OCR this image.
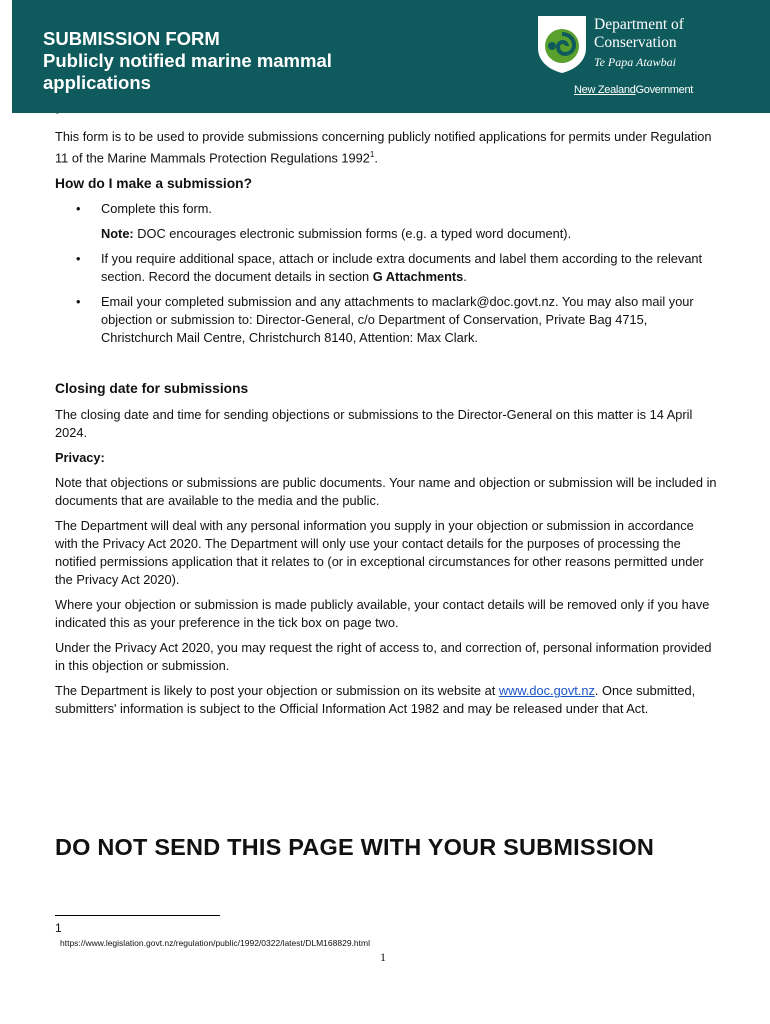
SUBMISSION FORM
Publicly notified marine mammal applications
Department of
Conservation
Te Papa Atawbai
New ZealandGovernment
-

This form is to be used to provide submissions concerning publicly notified applications for permits under Regulation 11 of the Marine Mammals Protection Regulations 1992$^1$.

How do I make a submission?
• Complete this form.
Note: DOC encourages electronic submission forms (e.g. a typed word document).
• If you require additional space, attach or include extra documents and label them according to the relevant section. Record the document details in section G Attachments.
• Email your completed submission and any attachments to maclark@doc.govt.nz. You may also mail your objection or submission to: Director-General, c/o Department of Conservation, Private Bag 4715, Christchurch Mail Centre, Christchurch 8140, Attention: Max Clark.
Closing date for submissions

The closing date and time for sending objections or submissions to the Director-General on this matter is 14 April 2024.

Privacy:

Note that objections or submissions are public documents. Your name and objection or submission will be included in documents that are available to the media and the public.

The Department will deal with any personal information you supply in your objection or submission in accordance with the Privacy Act 2020. The Department will only use your contact details for the purposes of processing the notified permissions application that it relates to (or in exceptional circumstances for other reasons permitted under the Privacy Act 2020).

Where your objection or submission is made publicly available, your contact details will be removed only if you have indicated this as your preference in the tick box on page two.

Under the Privacy Act 2020, you may request the right of access to, and correction of, personal information provided in this objection or submission.

The Department is likely to post your objection or submission on its website at www.doc.govt.nz. Once submitted, submitters' information is subject to the Official Information Act 1982 and may be released under that Act.

DO NOT SEND THIS PAGE WITH YOUR SUBMISSION
1
https://www.legislation.govt.nz/regulation/public/1992/0322/latest/DLM168829.html
1
